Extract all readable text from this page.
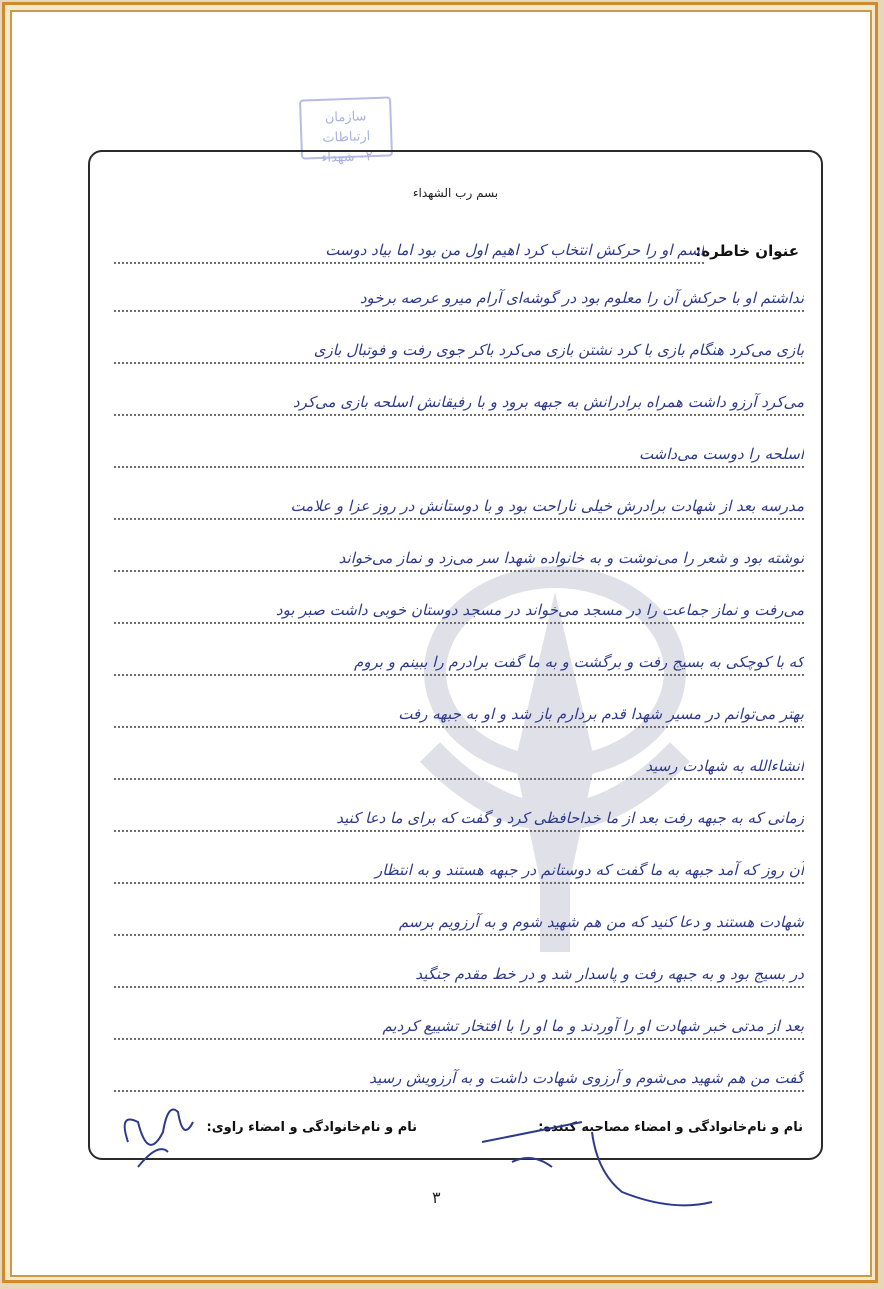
سازمان ارتباطات
۰۲ شهداء
بسم رب الشهداء
عنوان خاطره:
اسم او را حرکش انتخاب کرد اهیم اول من بود اما بیاد دوست
نداشتم او با حرکش آن را معلوم بود در گوشه‌ای آرام میرو عرصه برخود
بازی می‌کرد هنگام بازی با کرد نشتن بازی می‌کرد باکر جوی رفت و فوتبال بازی
می‌کرد آرزو داشت همراه برادرانش به جبهه برود و با رفیقانش اسلحه بازی می‌کرد
اسلحه را دوست می‌داشت
مدرسه بعد از شهادت برادرش خیلی ناراحت بود و با دوستانش در روز عزا و علامت
نوشته بود و شعر را می‌نوشت و به خانواده شهدا سر می‌زد و نماز می‌خواند
می‌رفت و نماز جماعت را در مسجد می‌خواند در مسجد دوستان خوبی داشت صبر بود
که با کوچکی به بسیج رفت و برگشت و به ما گفت برادرم را ببینم و بروم
بهتر می‌توانم در مسیر شهدا قدم بردارم باز شد و او به جبهه رفت
انشاءالله به شهادت رسید
زمانی که به جبهه رفت بعد از ما خداحافظی کرد و گفت که برای ما دعا کنید
آن روز که آمد جبهه به ما گفت که دوستانم در جبهه هستند و به انتظار
شهادت هستند و دعا کنید که من هم شهید شوم و به آرزویم برسم
در بسیج بود و به جبهه رفت و پاسدار شد و در خط مقدم جنگید
بعد از مدتی خبر شهادت او را آوردند و ما او را با افتخار تشییع کردیم
گفت من هم شهید می‌شوم و آرزوی شهادت داشت و به آرزویش رسید
نام و نام‌خانوادگی و امضاء مصاحبه کننده:
نام و نام‌خانوادگی و امضاء راوی:
۳
